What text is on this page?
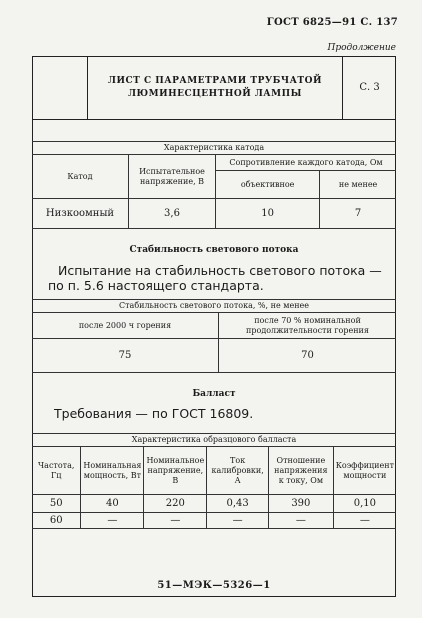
ГОСТ 6825—91 С. 137
Продолжение
ЛИСТ С ПАРАМЕТРАМИ ТРУБЧАТОЙ
ЛЮМИНЕСЦЕНТНОЙ ЛАМПЫ
С. 3
Характеристика катода			
Катод	Испытательное напряжение, В	Сопротивление каждого катода, Ом	
		объективное	не менее
Низкоомный	3,6	10	7
Стабильность светового потока
Испытание на стабильность светового потока — по п. 5.6 настоящего стандарта.
Стабильность светового потока, %, не менее	
после 2000 ч горения	после 70 % номинальной продолжительности горения
75	70
Балласт
Требования — по ГОСТ 16809.
Характеристика образцового балласта					
Частота, Гц	Номинальная мощность, Вт	Номинальное напряжение, В	Ток калибровки, А	Отношение напряжения к току, Ом	Коэффициент мощности
50	40	220	0,43	390	0,10
60	—	—	—	—	—
51—МЭК—5326—1
